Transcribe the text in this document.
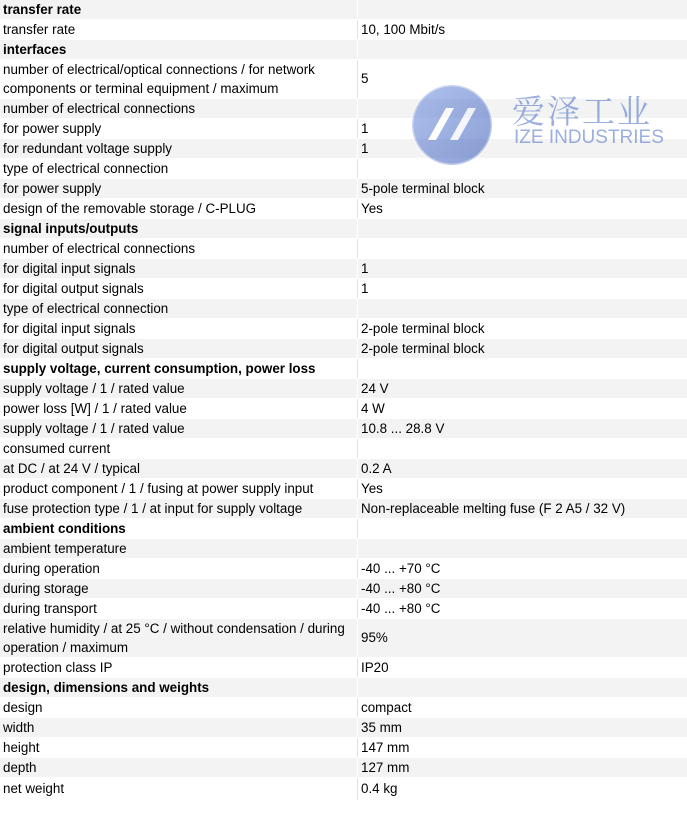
transfer rate	
transfer rate	10, 100 Mbit/s
interfaces	
number of electrical/optical connections / for network components or terminal equipment / maximum	5
number of electrical connections	
for power supply	1
for redundant voltage supply	1
type of electrical connection	
for power supply	5-pole terminal block
design of the removable storage / C-PLUG	Yes
signal inputs/outputs	
number of electrical connections	
for digital input signals	1
for digital output signals	1
type of electrical connection	
for digital input signals	2-pole terminal block
for digital output signals	2-pole terminal block
supply voltage, current consumption, power loss	
supply voltage / 1 / rated value	24 V
power loss [W] / 1 / rated value	4 W
supply voltage / 1 / rated value	10.8 ... 28.8 V
consumed current	
at DC / at 24 V / typical	0.2 A
product component / 1 / fusing at power supply input	Yes
fuse protection type / 1 / at input for supply voltage	Non-replaceable melting fuse (F 2 A5 / 32 V)
ambient conditions	
ambient temperature	
during operation	-40 ... +70 °C
during storage	-40 ... +80 °C
during transport	-40 ... +80 °C
relative humidity / at 25 °C / without condensation / during operation / maximum	95%
protection class IP	IP20
design, dimensions and weights	
design	compact
width	35 mm
height	147 mm
depth	127 mm
net weight	0.4 kg
爱泽工业
IZE INDUSTRIES
